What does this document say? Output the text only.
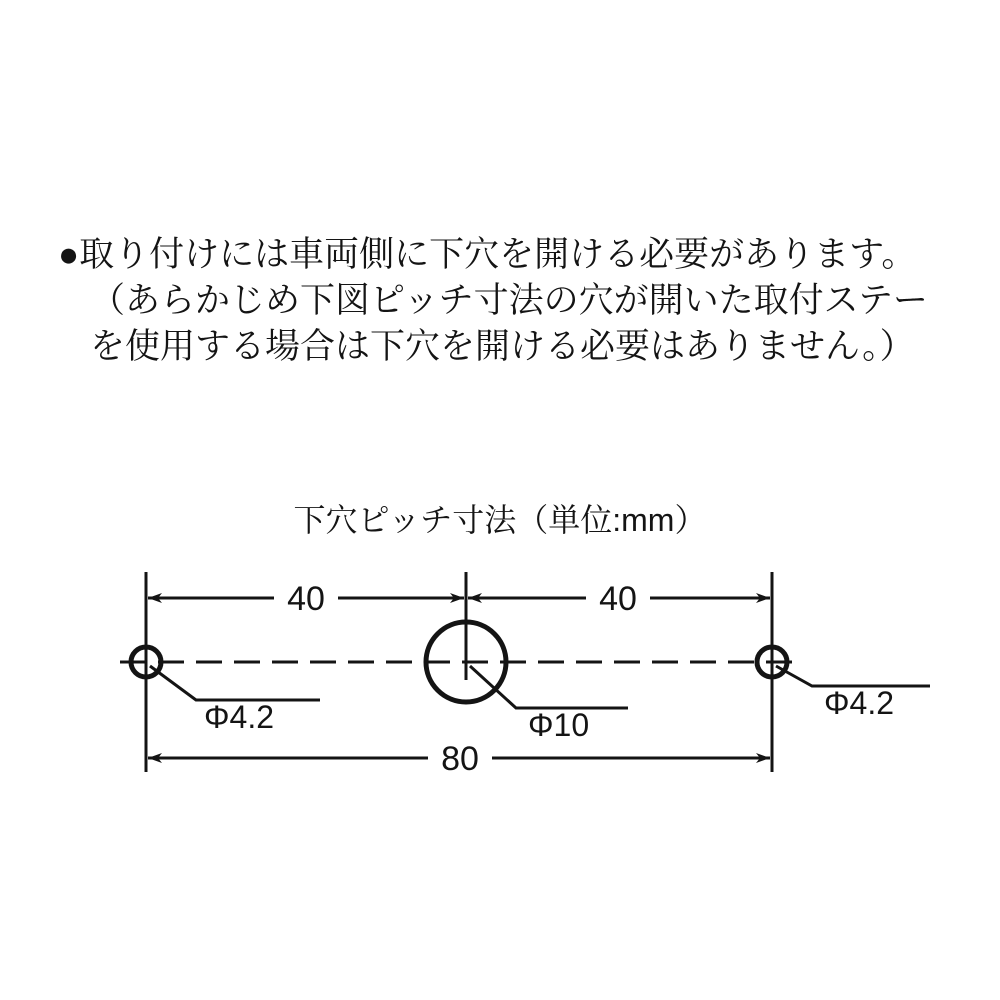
●取り付けには車両側に下穴を開ける必要があります。
（あらかじめ下図ピッチ寸法の穴が開いた取付ステー
を使用する場合は下穴を開ける必要はありません。）
下穴ピッチ寸法（単位:mm）
40	40
Φ4.2	Φ10
Φ4.2
80
